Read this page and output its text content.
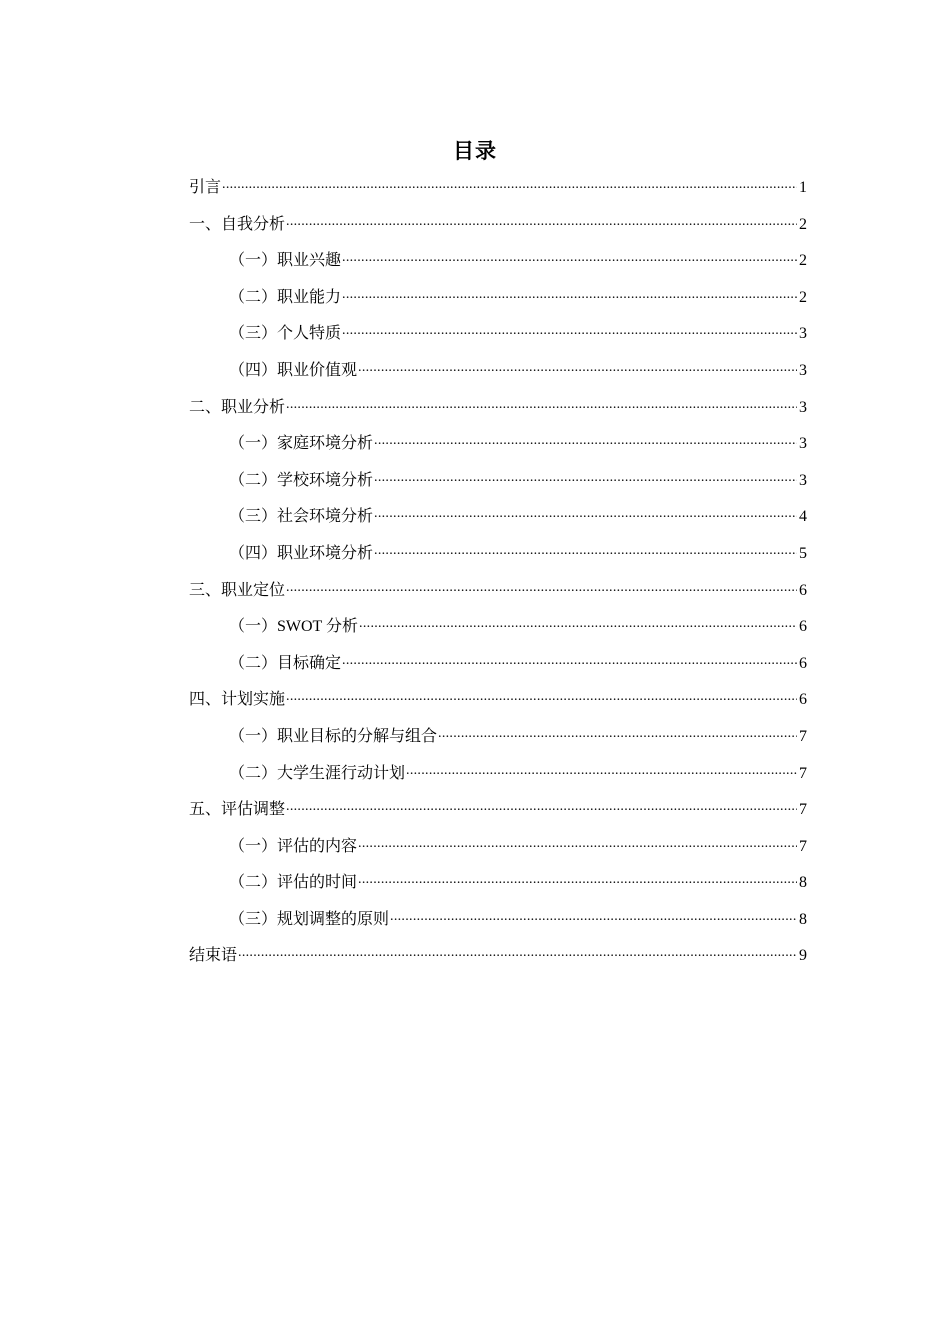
目录
引言 .....	1
一、自我分析 .....	2
（一）职业兴趣 .....	2
（二）职业能力 .....	2
（三）个人特质 .....	3
（四）职业价值观 .....	3
二、职业分析 .....	3
（一）家庭环境分析 .....	3
（二）学校环境分析 .....	3
（三）社会环境分析 .....	4
（四）职业环境分析 .....	5
三、职业定位 .....	6
（一）SWOT 分析 .....	6
（二）目标确定 .....	6
四、计划实施 .....	6
（一）职业目标的分解与组合 .....	7
（二）大学生涯行动计划 .....	7
五、评估调整 .....	7
（一）评估的内容 .....	7
（二）评估的时间 .....	8
（三）规划调整的原则 .....	8
结束语 .....	9
